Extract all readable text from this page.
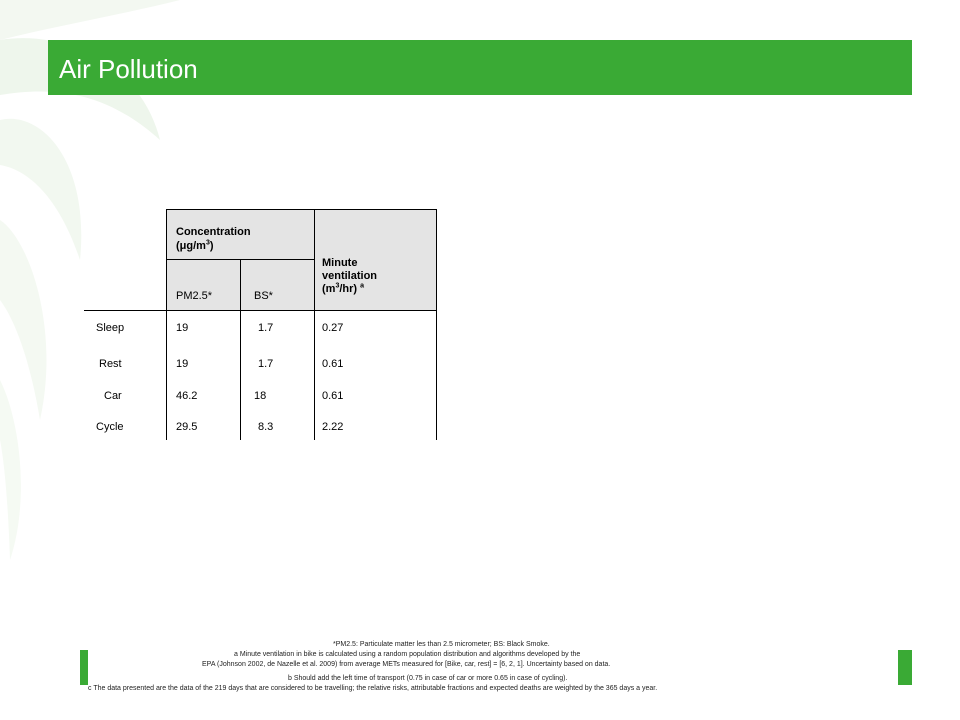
Air Pollution
Concentration
$(\mu g/m^3)$
PM2.5*	BS*
Minute
ventilation
$(m^3/hr)$ $^a$
Sleep	19	1.7	0.27
Rest	19	1.7	0.61
Car	46.2	18	0.61
Cycle	29.5	8.3	2.22
*PM2.5: Particulate matter les than 2.5 micrometer; BS: Black Smoke.
a Minute ventilation in bike is calculated using a random population distribution and algorithms developed by the
EPA (Johnson 2002, de Nazelle et al. 2009) from average METs measured for [Bike, car, rest] = [6, 2, 1]. Uncertainty based on data.
b Should add the left time of transport (0.75 in case of car or more 0.65 in case of cycling).
c The data presented are the data of the 219 days that are considered to be travelling; the relative risks, attributable fractions and expected deaths are weighted by the 365 days a year.
